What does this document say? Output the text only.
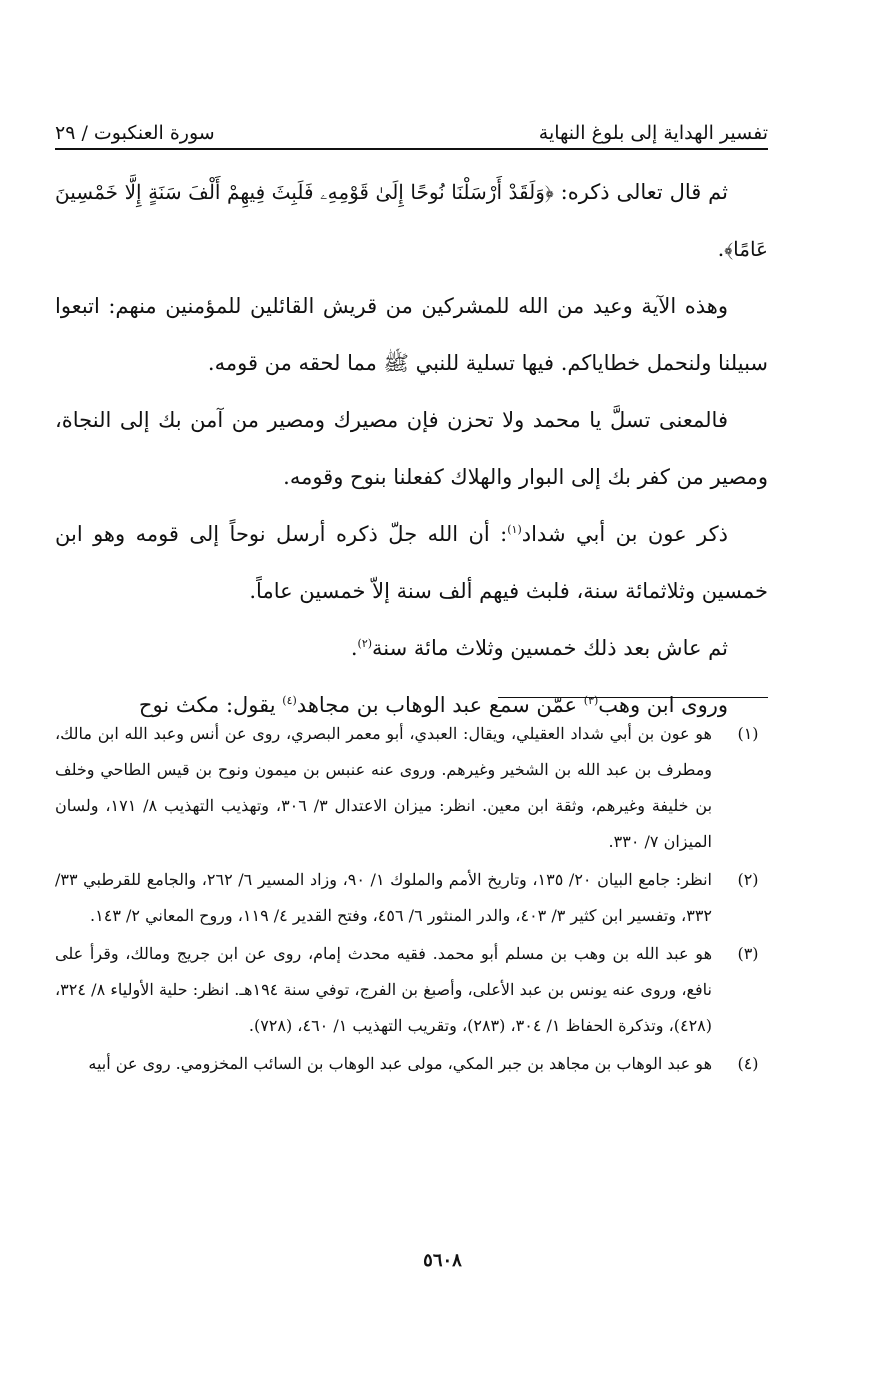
تفسير الهداية إلى بلوغ النهاية
سورة العنكبوت / ٢٩

ثم قال تعالى ذكره: ﴿وَلَقَدْ أَرْسَلْنَا نُوحًا إِلَىٰ قَوْمِهِۦ فَلَبِثَ فِيهِمْ أَلْفَ سَنَةٍ إِلَّا خَمْسِينَ عَامًا﴾.

وهذه الآية وعيد من الله للمشركين من قريش القائلين للمؤمنين منهم: اتبعوا سبيلنا ولنحمل خطاياكم. فيها تسلية للنبي ﷺ مما لحقه من قومه.

فالمعنى تسلَّ يا محمد ولا تحزن فإن مصيرك ومصير من آمن بك إلى النجاة، ومصير من كفر بك إلى البوار والهلاك كفعلنا بنوح وقومه.

ذكر عون بن أبي شداد$^{(١)}$: أن الله جلّ ذكره أرسل نوحاً إلى قومه وهو ابن خمسين وثلاثمائة سنة، فلبث فيهم ألف سنة إلاّ خمسين عاماً.

ثم عاش بعد ذلك خمسين وثلاث مائة سنة$^{(٢)}$.

وروى ابن وهب$^{(٣)}$ عمّن سمع عبد الوهاب بن مجاهد$^{(٤)}$ يقول: مكث نوح

(١)
هو عون بن أبي شداد العقيلي، ويقال: العبدي، أبو معمر البصري، روى عن أنس وعبد الله ابن مالك، ومطرف بن عبد الله بن الشخير وغيرهم. وروى عنه عنبس بن ميمون ونوح بن قيس الطاحي وخلف بن خليفة وغيرهم، وثقة ابن معين. انظر: ميزان الاعتدال ٣/ ٣٠٦، وتهذيب التهذيب ٨/ ١٧١، ولسان الميزان ٧/ ٣٣٠.
(٢)
انظر: جامع البيان ٢٠/ ١٣٥، وتاريخ الأمم والملوك ١/ ٩٠، وزاد المسير ٦/ ٢٦٢، والجامع للقرطبي ٣٣/ ٣٣٢، وتفسير ابن كثير ٣/ ٤٠٣، والدر المنثور ٦/ ٤٥٦، وفتح القدير ٤/ ١١٩، وروح المعاني ٢/ ١٤٣.
(٣)
هو عبد الله بن وهب بن مسلم أبو محمد. فقيه محدث إمام، روى عن ابن جريج ومالك، وقرأ على نافع، وروى عنه يونس بن عبد الأعلى، وأصبغ بن الفرج، توفي سنة ١٩٤هـ. انظر: حلية الأولياء ٨/ ٣٢٤، (٤٢٨)، وتذكرة الحفاظ ١/ ٣٠٤، (٢٨٣)، وتقريب التهذيب ١/ ٤٦٠، (٧٢٨).
(٤)
هو عبد الوهاب بن مجاهد بن جبر المكي، مولى عبد الوهاب بن السائب المخزومي. روى عن أبيه
٥٦٠٨
